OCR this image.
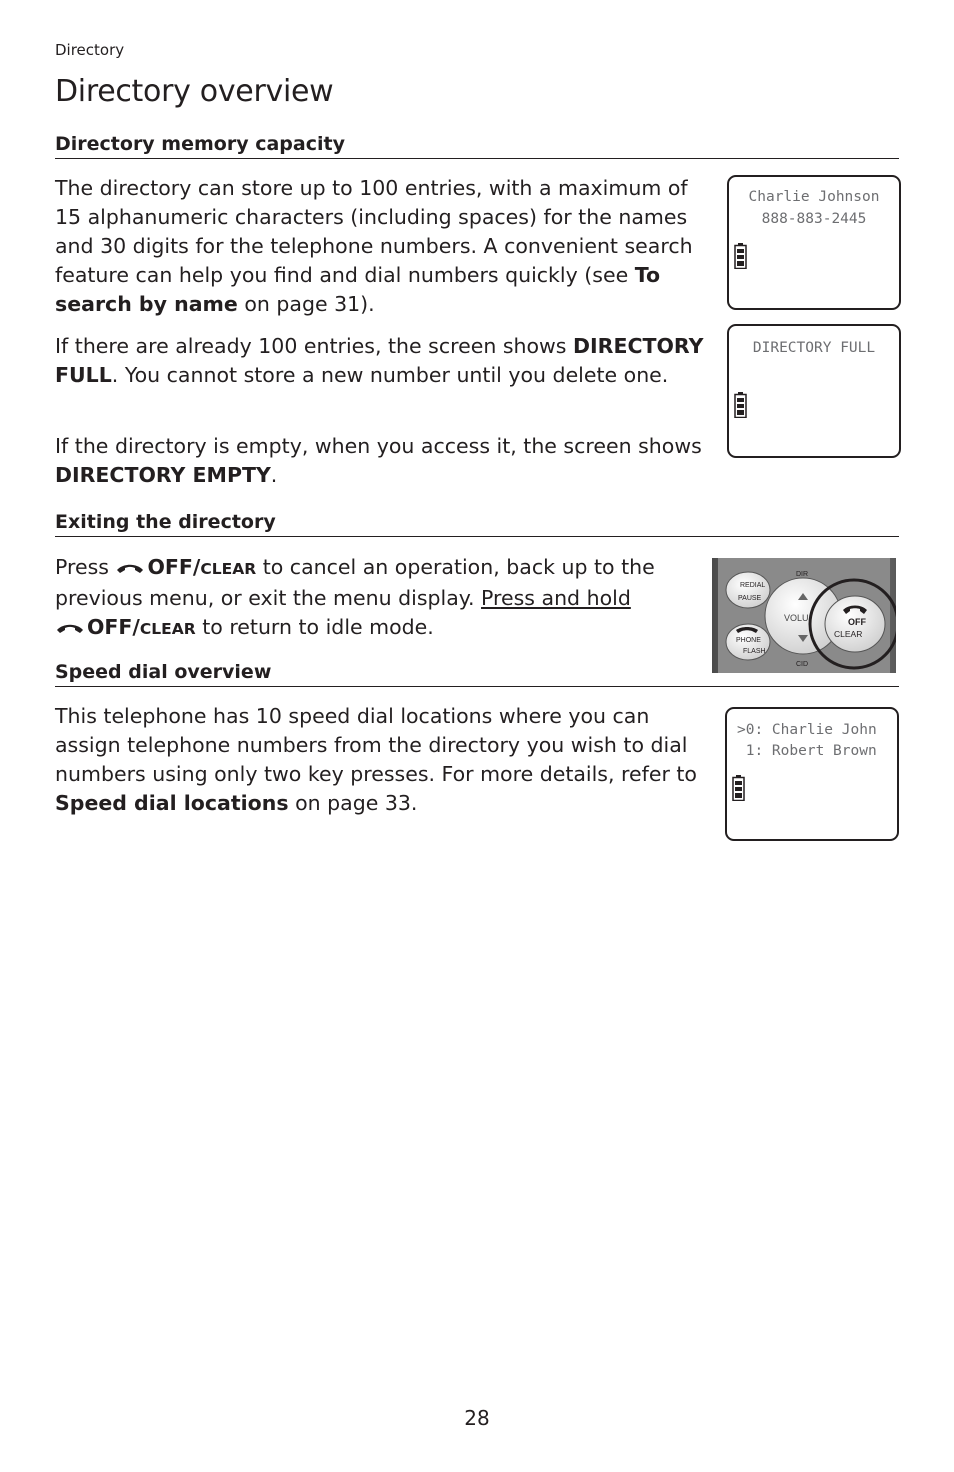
Directory
Directory overview
Directory memory capacity

The directory can store up to 100 entries, with a maximum of 15 alphanumeric characters (including spaces) for the names and 30 digits for the telephone numbers. A convenient search feature can help you find and dial numbers quickly (see To search by name on page 31).

If there are already 100 entries, the screen shows DIRECTORY FULL. You cannot store a new number until you delete one.

If the directory is empty, when you access it, the screen shows DIRECTORY EMPTY.

Charlie Johnson
888-883-2445
DIRECTORY FULL
Exiting the directory

Press OFF/CLEAR to cancel an operation, back up to the previous menu, or exit the menu display. Press and hold
OFF/CLEAR to return to idle mode.

REDIAL
PAUSE
PHONE
FLASH
DIR
CID
VOLU	OFF
CLEAR
Speed dial overview

This telephone has 10 speed dial locations where you can assign telephone numbers from the directory you wish to dial numbers using only two key presses. For more details, refer to Speed dial locations on page 33.

>0: Charlie John
1: Robert Brown
28
